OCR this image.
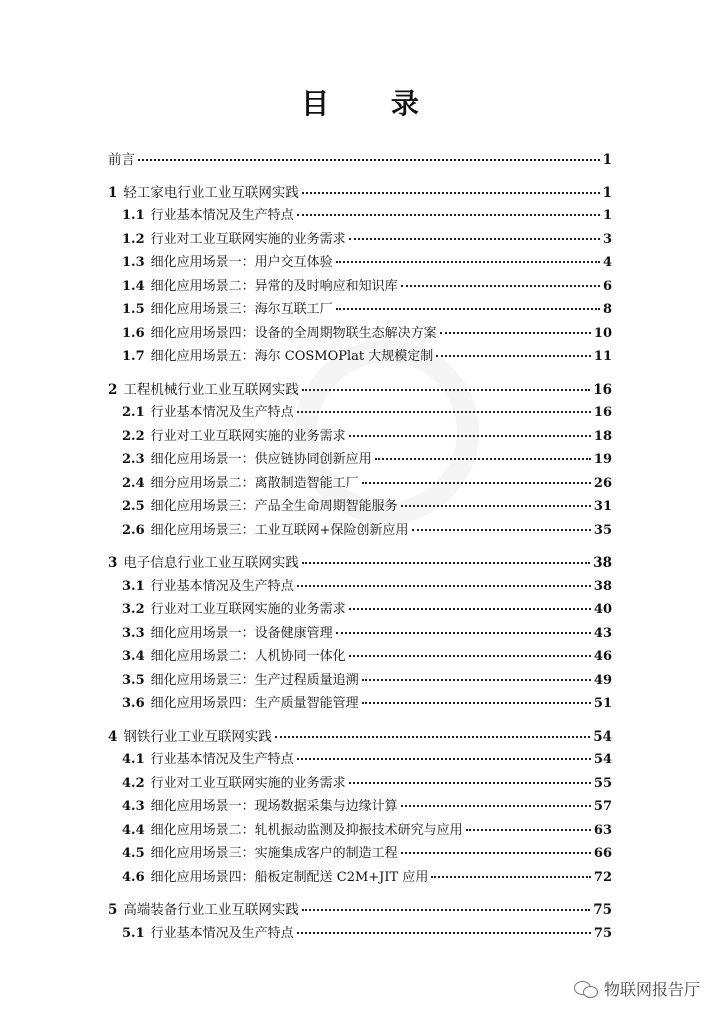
目 录
前言	1
1 轻工家电行业工业互联网实践	1
1.1 行业基本情况及生产特点	1
1.2 行业对工业互联网实施的业务需求	3
1.3 细化应用场景一：用户交互体验	4
1.4 细化应用场景二：异常的及时响应和知识库	6
1.5 细化应用场景三：海尔互联工厂	8
1.6 细化应用场景四：设备的全周期物联生态解决方案	10
1.7 细化应用场景五：海尔 COSMOPlat 大规模定制	11
2 工程机械行业工业互联网实践	16
2.1 行业基本情况及生产特点	16
2.2 行业对工业互联网实施的业务需求	18
2.3 细化应用场景一：供应链协同创新应用	19
2.4 细分应用场景二：离散制造智能工厂	26
2.5 细化应用场景三：产品全生命周期智能服务	31
2.6 细化应用场景三：工业互联网+保险创新应用	35
3 电子信息行业工业互联网实践	38
3.1 行业基本情况及生产特点	38
3.2 行业对工业互联网实施的业务需求	40
3.3 细化应用场景一：设备健康管理	43
3.4 细化应用场景二：人机协同一体化	46
3.5 细化应用场景三：生产过程质量追溯	49
3.6 细化应用场景四：生产质量智能管理	51
4 钢铁行业工业互联网实践	54
4.1 行业基本情况及生产特点	54
4.2 行业对工业互联网实施的业务需求	55
4.3 细化应用场景一：现场数据采集与边缘计算	57
4.4 细化应用场景二：轧机振动监测及抑振技术研究与应用	63
4.5 细化应用场景三：实施集成客户的制造工程	66
4.6 细化应用场景四：船板定制配送 C2M+JIT 应用	72
5 高端装备行业工业互联网实践	75
5.1 行业基本情况及生产特点	75
物联网报告厅
